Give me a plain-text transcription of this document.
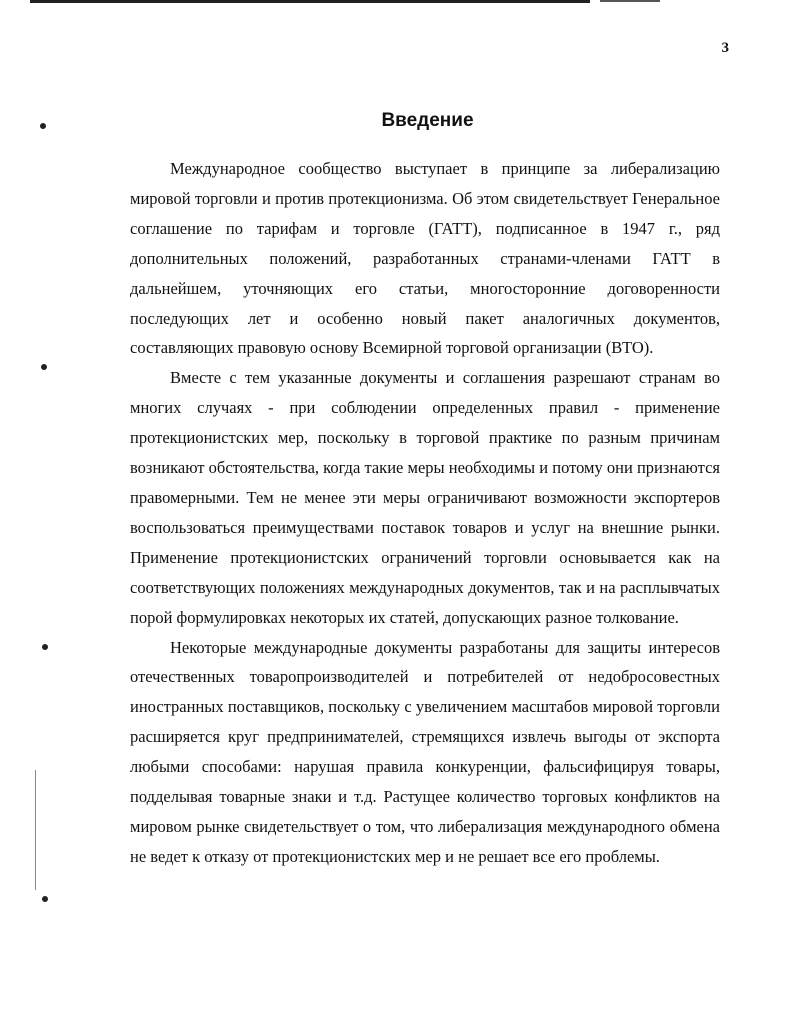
3
Введение

Международное сообщество выступает в принципе за либерализацию мировой торговли и против протекционизма. Об этом свидетельствует Генеральное соглашение по тарифам и торговле (ГАТТ), подписанное в 1947 г., ряд дополнительных положений, разработанных странами-членами ГАТТ в дальнейшем, уточняющих его статьи, многосторонние договоренности последующих лет и особенно новый пакет аналогичных документов, составляющих правовую основу Всемирной торговой организации (ВТО).

Вместе с тем указанные документы и соглашения разрешают странам во многих случаях - при соблюдении определенных правил - применение протекционистских мер, поскольку в торговой практике по разным причинам возникают обстоятельства, когда такие меры необходимы и потому они признаются правомерными. Тем не менее эти меры ограничивают возможности экспортеров воспользоваться преимуществами поставок товаров и услуг на внешние рынки. Применение протекционистских ограничений торговли основывается как на соответствующих положениях международных документов, так и на расплывчатых порой формулировках некоторых их статей, допускающих разное толкование.

Некоторые международные документы разработаны для защиты интересов отечественных товаропроизводителей и потребителей от недобросовестных иностранных поставщиков, поскольку с увеличением масштабов мировой торговли расширяется круг предпринимателей, стремящихся извлечь выгоды от экспорта любыми способами: нарушая правила конкуренции, фальсифицируя товары, подделывая товарные знаки и т.д. Растущее количество торговых конфликтов на мировом рынке свидетельствует о том, что либерализация международного обмена не ведет к отказу от протекционистских мер и не решает все его проблемы.
